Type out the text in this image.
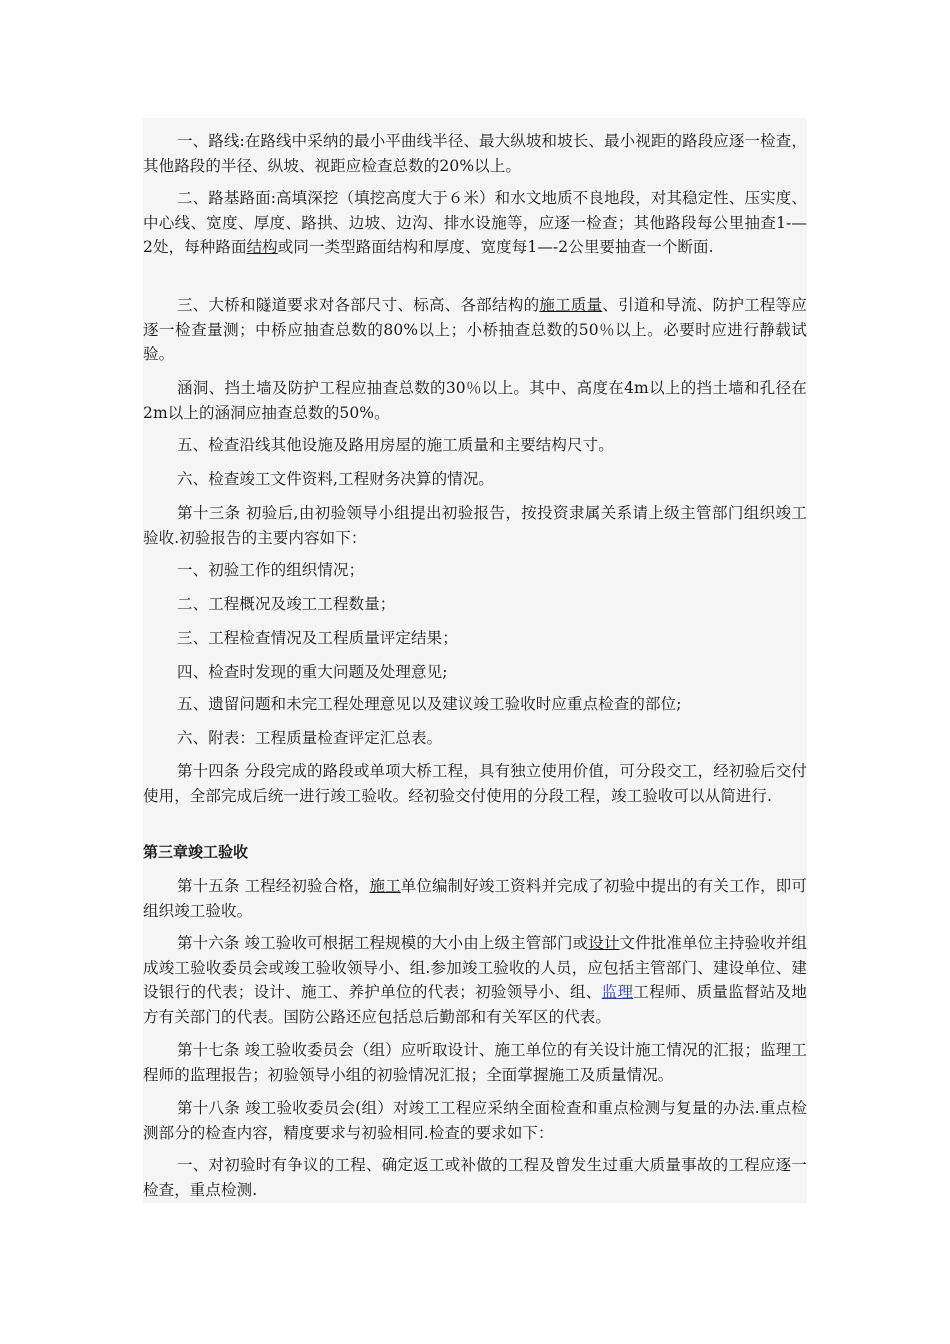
一、路线:在路线中采纳的最小平曲线半径、最大纵坡和坡长、最小视距的路段应逐一检查，其他路段的半径、纵坡、视距应检查总数的20%以上。

二、路基路面:高填深挖（填挖高度大于６米）和水文地质不良地段，对其稳定性、压实度、中心线、宽度、厚度、路拱、边坡、边沟、排水设施等，应逐一检查；其他路段每公里抽查1-—2处，每种路面结构或同一类型路面结构和厚度、宽度每1—-2公里要抽查一个断面.

三、大桥和隧道要求对各部尺寸、标高、各部结构的施工质量、引道和导流、防护工程等应逐一检查量测；中桥应抽查总数的80%以上；小桥抽查总数的50％以上。必要时应进行静载试验。

涵洞、挡土墙及防护工程应抽查总数的30％以上。其中、高度在4m以上的挡土墙和孔径在2m以上的涵洞应抽查总数的50%。

五、检查沿线其他设施及路用房屋的施工质量和主要结构尺寸。

六、检查竣工文件资料,工程财务决算的情况。

第十三条 初验后,由初验领导小组提出初验报告，按投资隶属关系请上级主管部门组织竣工验收.初验报告的主要内容如下：

一、初验工作的组织情况；

二、工程概况及竣工工程数量；

三、工程检查情况及工程质量评定结果；

四、检查时发现的重大问题及处理意见;

五、遗留问题和未完工程处理意见以及建议竣工验收时应重点检查的部位;

六、附表：工程质量检查评定汇总表。

第十四条 分段完成的路段或单项大桥工程，具有独立使用价值，可分段交工，经初验后交付使用，全部完成后统一进行竣工验收。经初验交付使用的分段工程，竣工验收可以从简进行.

第三章竣工验收

第十五条 工程经初验合格，施工单位编制好竣工资料并完成了初验中提出的有关工作，即可组织竣工验收。

第十六条 竣工验收可根据工程规模的大小由上级主管部门或设计文件批准单位主持验收并组成竣工验收委员会或竣工验收领导小、组.参加竣工验收的人员，应包括主管部门、建设单位、建设银行的代表；设计、施工、养护单位的代表；初验领导小、组、监理工程师、质量监督站及地方有关部门的代表。国防公路还应包括总后勤部和有关军区的代表。

第十七条 竣工验收委员会（组）应听取设计、施工单位的有关设计施工情况的汇报；监理工程师的监理报告；初验领导小组的初验情况汇报；全面掌握施工及质量情况。

第十八条 竣工验收委员会(组）对竣工工程应采纳全面检查和重点检测与复量的办法.重点检测部分的检查内容，精度要求与初验相同.检查的要求如下：

一、对初验时有争议的工程、确定返工或补做的工程及曾发生过重大质量事故的工程应逐一检查，重点检测.
